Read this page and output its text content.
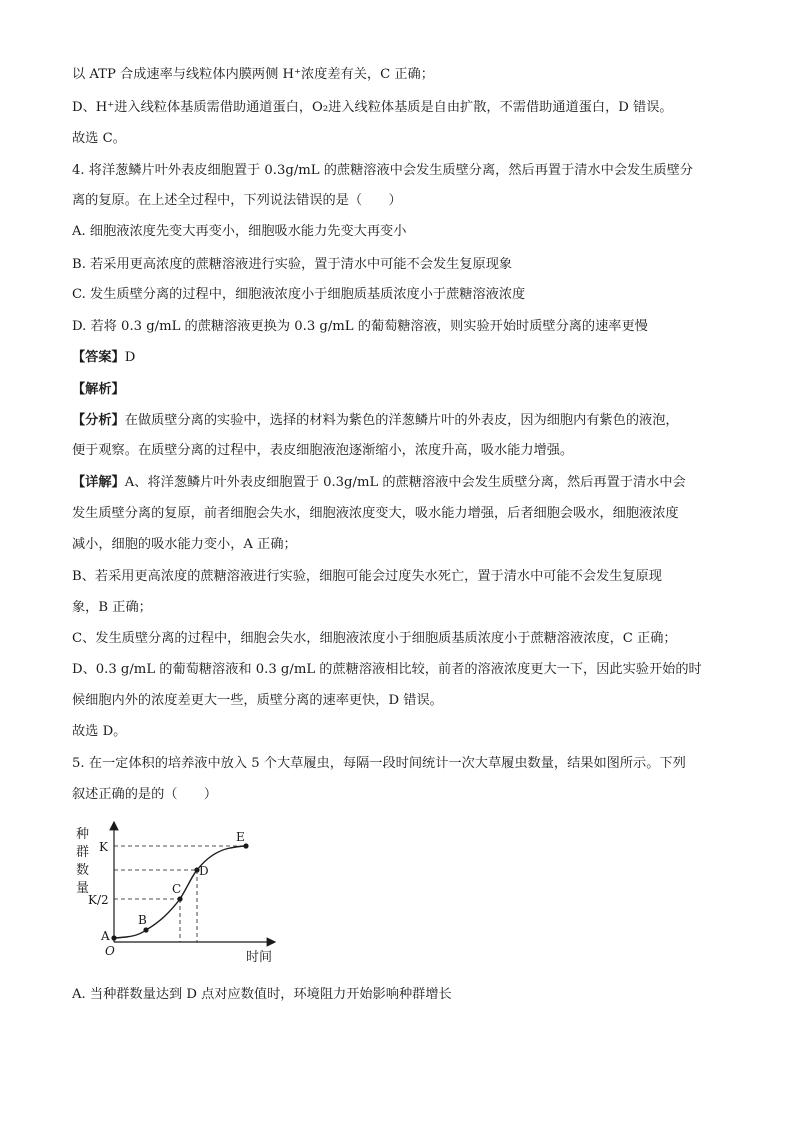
以 ATP 合成速率与线粒体内膜两侧 H⁺浓度差有关，C 正确；
D、H⁺进入线粒体基质需借助通道蛋白，O₂进入线粒体基质是自由扩散，不需借助通道蛋白，D 错误。
故选 C。
4. 将洋葱鳞片叶外表皮细胞置于 0.3g/mL 的蔗糖溶液中会发生质壁分离，然后再置于清水中会发生质壁分
离的复原。在上述全过程中，下列说法错误的是（　　）
A. 细胞液浓度先变大再变小，细胞吸水能力先变大再变小
B. 若采用更高浓度的蔗糖溶液进行实验，置于清水中可能不会发生复原现象
C. 发生质壁分离的过程中，细胞液浓度小于细胞质基质浓度小于蔗糖溶液浓度
D. 若将 0.3 g/mL 的蔗糖溶液更换为 0.3 g/mL 的葡萄糖溶液，则实验开始时质壁分离的速率更慢
【答案】D
【解析】
【分析】在做质壁分离的实验中，选择的材料为紫色的洋葱鳞片叶的外表皮，因为细胞内有紫色的液泡，
便于观察。在质壁分离的过程中，表皮细胞液泡逐渐缩小，浓度升高，吸水能力增强。
【详解】A、将洋葱鳞片叶外表皮细胞置于 0.3g/mL 的蔗糖溶液中会发生质壁分离，然后再置于清水中会
发生质壁分离的复原，前者细胞会失水，细胞液浓度变大，吸水能力增强，后者细胞会吸水，细胞液浓度
减小，细胞的吸水能力变小，A 正确；
B、若采用更高浓度的蔗糖溶液进行实验，细胞可能会过度失水死亡，置于清水中可能不会发生复原现
象，B 正确；
C、发生质壁分离的过程中，细胞会失水，细胞液浓度小于细胞质基质浓度小于蔗糖溶液浓度，C 正确；
D、0.3 g/mL 的葡萄糖溶液和 0.3 g/mL 的蔗糖溶液相比较，前者的溶液浓度更大一下，因此实验开始的时
候细胞内外的浓度差更大一些，质壁分离的速率更快，D 错误。
故选 D。
5. 在一定体积的培养液中放入 5 个大草履虫，每隔一段时间统计一次大草履虫数量，结果如图所示。下列
叙述正确的是的（　　）
种
群
数
量
K
K/2
O	时间
A
B
C
D
E
A. 当种群数量达到 D 点对应数值时，环境阻力开始影响种群增长
